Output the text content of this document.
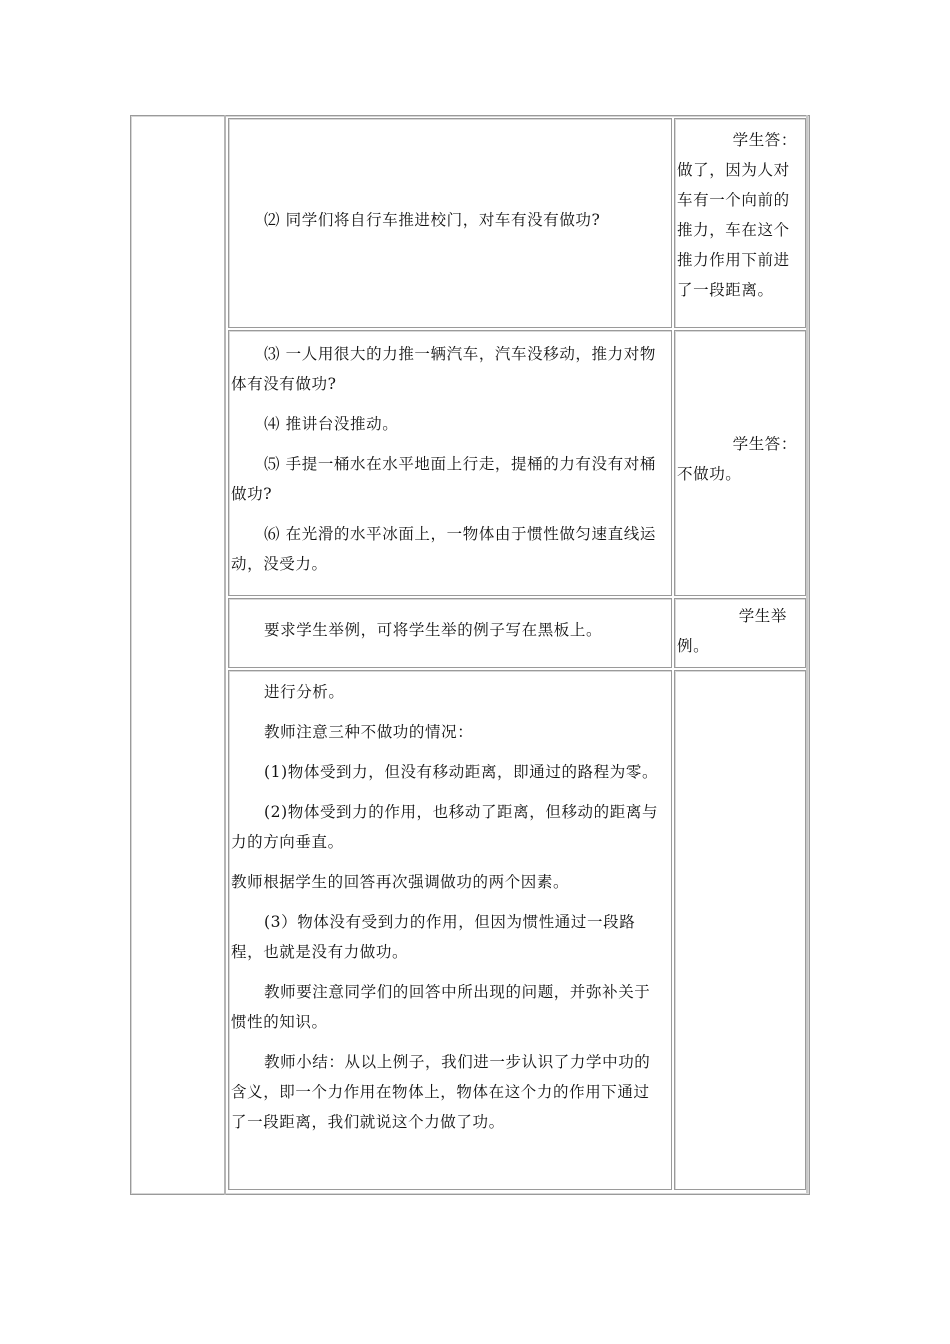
⑵ 同学们将自行车推进校门，对车有没有做功?

学生答：

做了，因为人对车有一个向前的推力，车在这个推力作用下前进了一段距离。

⑶ 一人用很大的力推一辆汽车，汽车没移动，推力对物体有没有做功?

⑷ 推讲台没推动。

⑸ 手提一桶水在水平地面上行走，提桶的力有没有对桶做功?

⑹ 在光滑的水平冰面上，一物体由于惯性做匀速直线运动，没受力。

学生答：

不做功。

要求学生举例，可将学生举的例子写在黑板上。

学生举

例。

进行分析。

教师注意三种不做功的情况：

(1)物体受到力，但没有移动距离，即通过的路程为零。

(2)物体受到力的作用，也移动了距离，但移动的距离与力的方向垂直。

教师根据学生的回答再次强调做功的两个因素。

(3）物体没有受到力的作用，但因为惯性通过一段路程，也就是没有力做功。

教师要注意同学们的回答中所出现的问题，并弥补关于惯性的知识。

教师小结：从以上例子，我们进一步认识了力学中功的含义，即一个力作用在物体上，物体在这个力的作用下通过了一段距离，我们就说这个力做了功。
